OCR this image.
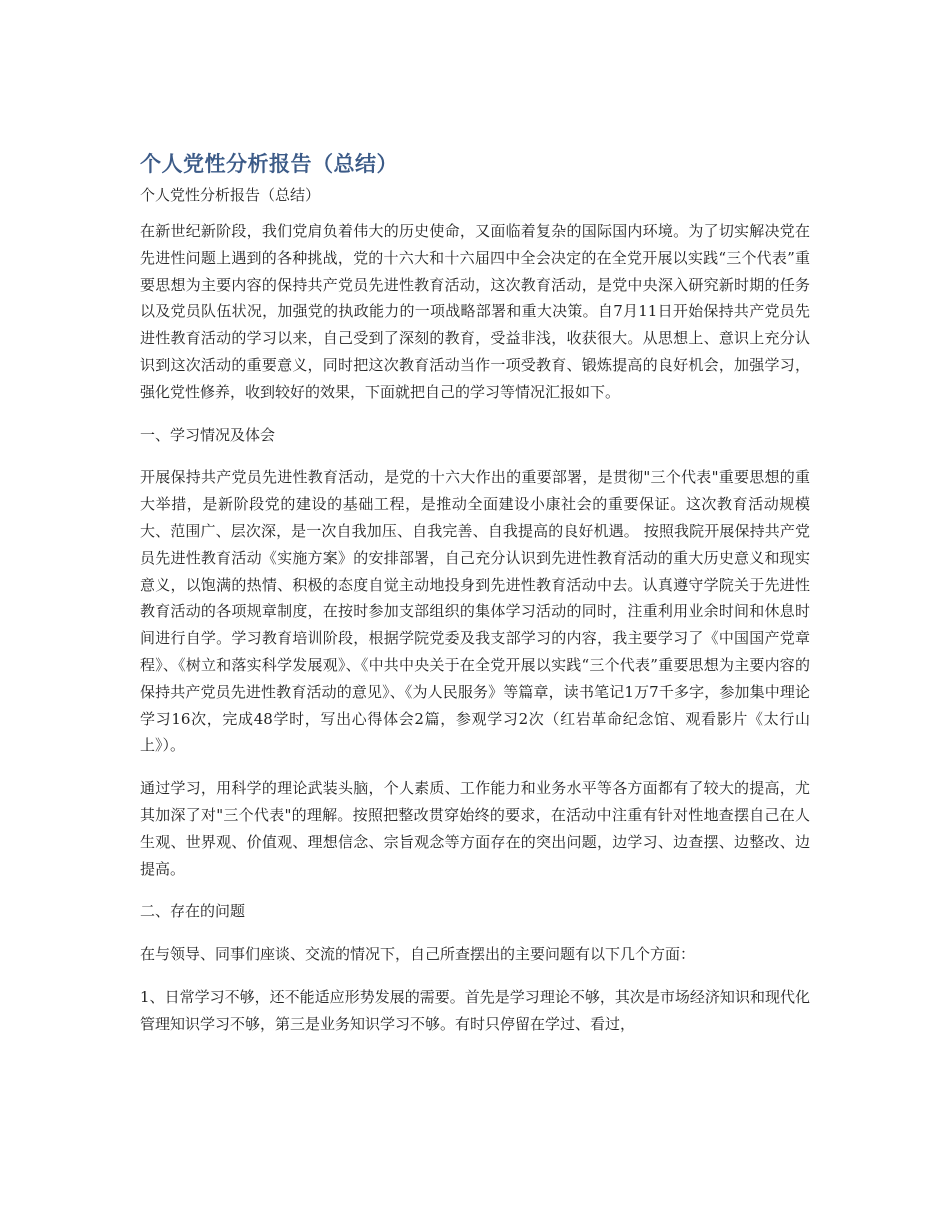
个人党性分析报告（总结）
个人党性分析报告（总结）

在新世纪新阶段，我们党肩负着伟大的历史使命，又面临着复杂的国际国内环境。为了切实解决党在先进性问题上遇到的各种挑战，党的十六大和十六届四中全会决定的在全党开展以实践“三个代表”重要思想为主要内容的保持共产党员先进性教育活动，这次教育活动，是党中央深入研究新时期的任务以及党员队伍状况，加强党的执政能力的一项战略部署和重大决策。自7月11日开始保持共产党员先进性教育活动的学习以来，自己受到了深刻的教育，受益非浅，收获很大。从思想上、意识上充分认识到这次活动的重要意义，同时把这次教育活动当作一项受教育、锻炼提高的良好机会，加强学习，强化党性修养，收到较好的效果，下面就把自己的学习等情况汇报如下。

一、学习情况及体会

开展保持共产党员先进性教育活动，是党的十六大作出的重要部署，是贯彻"三个代表"重要思想的重大举措，是新阶段党的建设的基础工程，是推动全面建设小康社会的重要保证。这次教育活动规模大、范围广、层次深，是一次自我加压、自我完善、自我提高的良好机遇。 按照我院开展保持共产党员先进性教育活动《实施方案》的安排部署，自己充分认识到先进性教育活动的重大历史意义和现实意义，以饱满的热情、积极的态度自觉主动地投身到先进性教育活动中去。认真遵守学院关于先进性教育活动的各项规章制度，在按时参加支部组织的集体学习活动的同时，注重利用业余时间和休息时间进行自学。学习教育培训阶段，根据学院党委及我支部学习的内容，我主要学习了《中国国产党章程》、《树立和落实科学发展观》、《中共中央关于在全党开展以实践“三个代表”重要思想为主要内容的保持共产党员先进性教育活动的意见》、《为人民服务》等篇章，读书笔记1万7千多字，参加集中理论学习16次，完成48学时，写出心得体会2篇，参观学习2次（红岩革命纪念馆、观看影片《太行山上》）。

通过学习，用科学的理论武装头脑，个人素质、工作能力和业务水平等各方面都有了较大的提高，尤其加深了对"三个代表"的理解。按照把整改贯穿始终的要求，在活动中注重有针对性地查摆自己在人生观、世界观、价值观、理想信念、宗旨观念等方面存在的突出问题，边学习、边查摆、边整改、边提高。

二、存在的问题

在与领导、同事们座谈、交流的情况下，自己所查摆出的主要问题有以下几个方面：

1、日常学习不够，还不能适应形势发展的需要。首先是学习理论不够，其次是市场经济知识和现代化管理知识学习不够，第三是业务知识学习不够。有时只停留在学过、看过，
